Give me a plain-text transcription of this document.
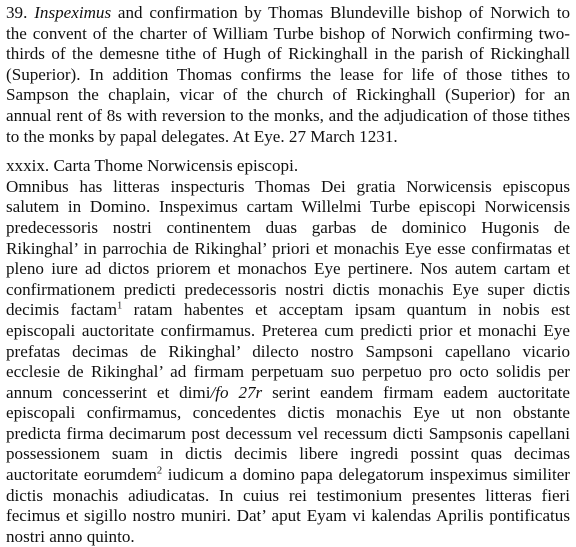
39. Inspeximus and confirmation by Thomas Blundeville bishop of Norwich to
the convent of the charter of William Turbe bishop of Norwich confirming two-
thirds of the demesne tithe of Hugh of Rickinghall in the parish of Rickinghall
(Superior). In addition Thomas confirms the lease for life of those tithes to
Sampson the chaplain, vicar of the church of Rickinghall (Superior) for an
annual rent of 8s with reversion to the monks, and the adjudication of those tithes
to the monks by papal delegates. At Eye. 27 March 1231.
xxxix. Carta Thome Norwicensis episcopi.
Omnibus has litteras inspecturis Thomas Dei gratia Norwicensis episcopus
salutem in Domino. Inspeximus cartam Willelmi Turbe episcopi Norwicensis
predecessoris nostri continentem duas garbas de dominico Hugonis de
Rikinghal’ in parrochia de Rikinghal’ priori et monachis Eye esse confirmatas et
pleno iure ad dictos priorem et monachos Eye pertinere. Nos autem cartam et
confirmationem predicti predecessoris nostri dictis monachis Eye super dictis
decimis factam$^1$ ratam habentes et acceptam ipsam quantum in nobis est
episcopali auctoritate confirmamus. Preterea cum predicti prior et monachi Eye
prefatas decimas de Rikinghal’ dilecto nostro Sampsoni capellano vicario
ecclesie de Rikinghal’ ad firmam perpetuam suo perpetuo pro octo solidis per
annum concesserint et dimi/fo 27r serint eandem firmam eadem auctoritate
episcopali confirmamus, concedentes dictis monachis Eye ut non obstante
predicta firma decimarum post decessum vel recessum dicti Sampsonis capellani
possessionem suam in dictis decimis libere ingredi possint quas decimas
auctoritate eorumdem$^2$ iudicum a domino papa delegatorum inspeximus similiter
dictis monachis adiudicatas. In cuius rei testimonium presentes litteras fieri
fecimus et sigillo nostro muniri. Dat’ aput Eyam vi kalendas Aprilis pontificatus
nostri anno quinto.
